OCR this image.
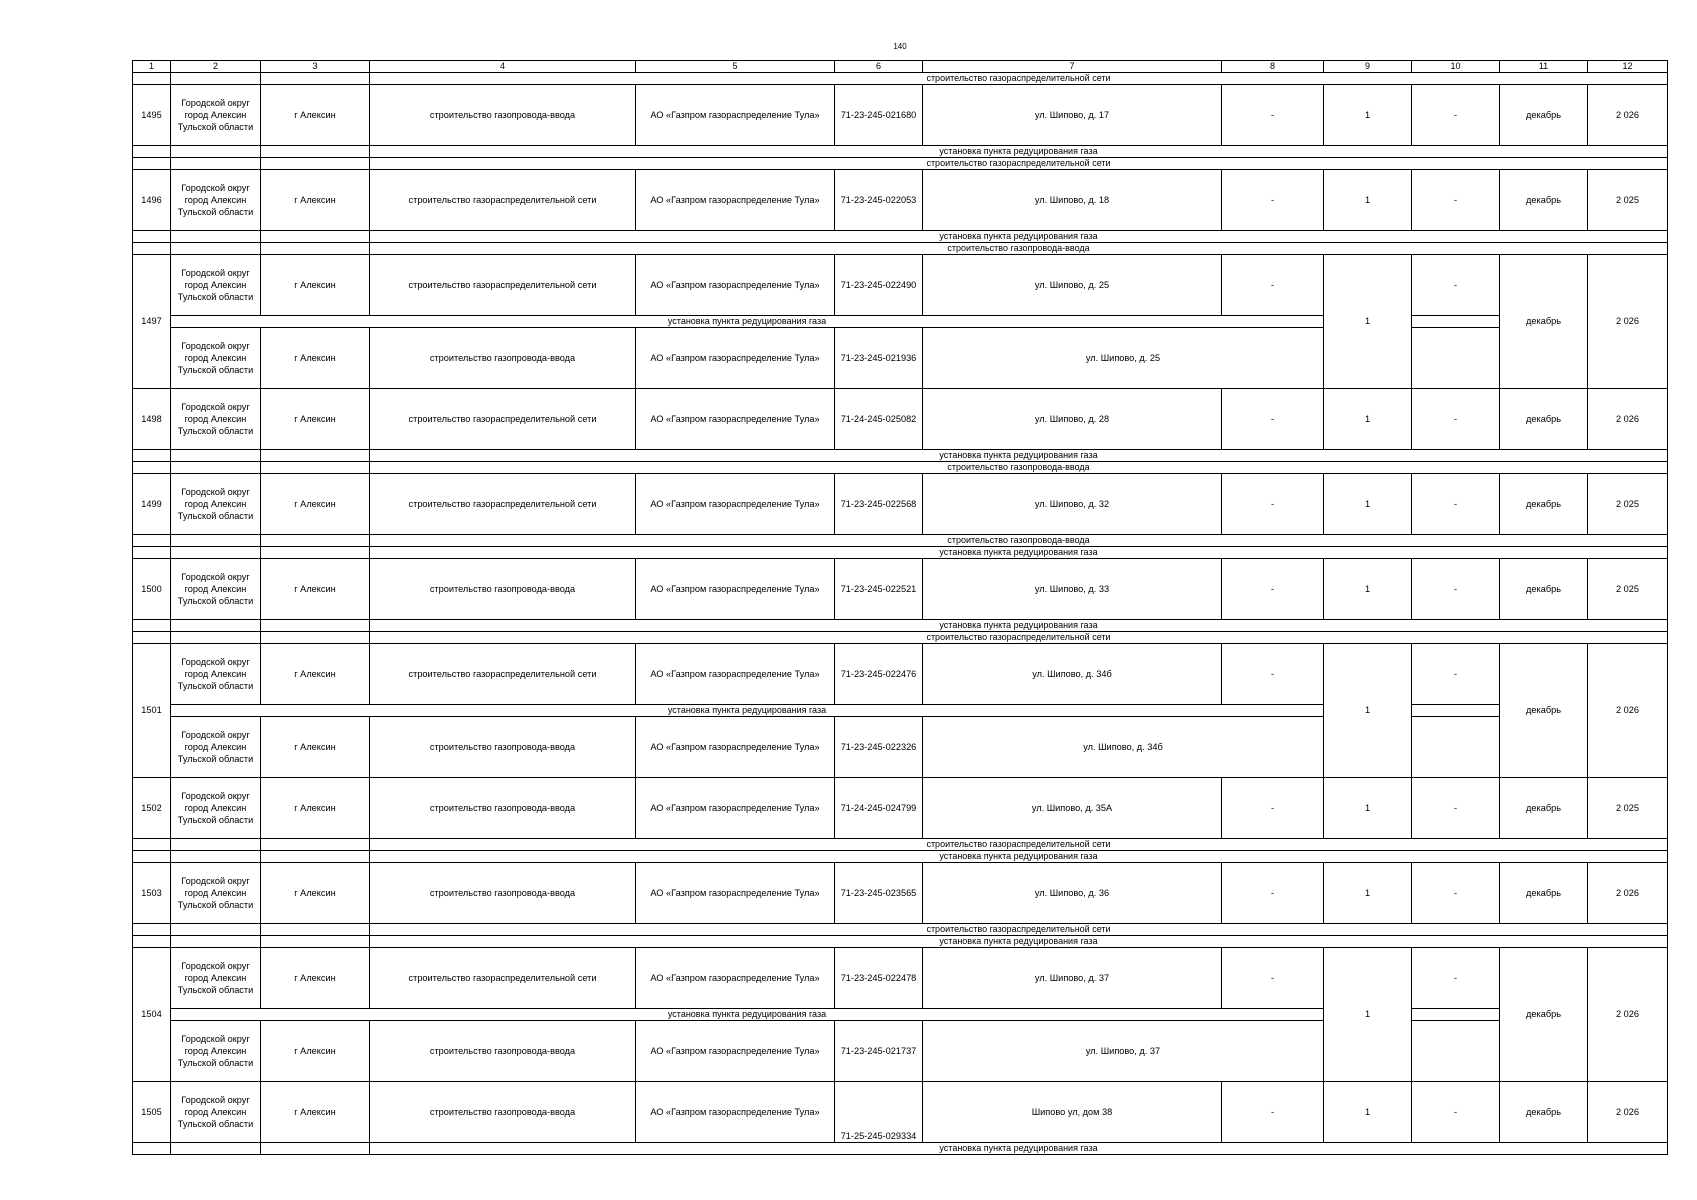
140
1	2	3	4	5	6	7	8	9	10	11	12
			строительство газораспределительной сети								
1495	Городской округ город Алексин Тульской области	г Алексин	строительство газопровода-ввода	АО «Газпром газораспределение Тула»	71-23-245-021680	ул. Шипово, д. 17	-	1	-	декабрь	2 026
			установка пункта редуцирования газа								
			строительство газораспределительной сети								
1496	Городской округ город Алексин Тульской области	г Алексин	строительство газораспределительной сети	АО «Газпром газораспределение Тула»	71-23-245-022053	ул. Шипово, д. 18	-	1	-	декабрь	2 025
			установка пункта редуцирования газа								
			строительство газопровода-ввода								
1497	Городской округ город Алексин Тульской области	г Алексин	строительство газораспределительной сети	АО «Газпром газораспределение Тула»	71-23-245-022490	ул. Шипово, д. 25	-	1	-	декабрь	2 026
	установка пункта редуцирования газа										
	Городской округ город Алексин Тульской области	г Алексин	строительство газопровода-ввода	АО «Газпром газораспределение Тула»	71-23-245-021936	ул. Шипово, д. 25					
1498	Городской округ город Алексин Тульской области	г Алексин	строительство газораспределительной сети	АО «Газпром газораспределение Тула»	71-24-245-025082	ул. Шипово, д. 28	-	1	-	декабрь	2 026
			установка пункта редуцирования газа								
			строительство газопровода-ввода								
1499	Городской округ город Алексин Тульской области	г Алексин	строительство газораспределительной сети	АО «Газпром газораспределение Тула»	71-23-245-022568	ул. Шипово, д. 32	-	1	-	декабрь	2 025
			строительство газопровода-ввода								
			установка пункта редуцирования газа								
1500	Городской округ город Алексин Тульской области	г Алексин	строительство газопровода-ввода	АО «Газпром газораспределение Тула»	71-23-245-022521	ул. Шипово, д. 33	-	1	-	декабрь	2 025
			установка пункта редуцирования газа								
			строительство газораспределительной сети								
1501	Городской округ город Алексин Тульской области	г Алексин	строительство газораспределительной сети	АО «Газпром газораспределение Тула»	71-23-245-022476	ул. Шипово, д. 34б	-	1	-	декабрь	2 026
	установка пункта редуцирования газа										
	Городской округ город Алексин Тульской области	г Алексин	строительство газопровода-ввода	АО «Газпром газораспределение Тула»	71-23-245-022326	ул. Шипово, д. 34б					
1502	Городской округ город Алексин Тульской области	г Алексин	строительство газопровода-ввода	АО «Газпром газораспределение Тула»	71-24-245-024799	ул. Шипово, д. 35А	-	1	-	декабрь	2 025
			строительство газораспределительной сети								
			установка пункта редуцирования газа								
1503	Городской округ город Алексин Тульской области	г Алексин	строительство газопровода-ввода	АО «Газпром газораспределение Тула»	71-23-245-023565	ул. Шипово, д. 36	-	1	-	декабрь	2 026
			строительство газораспределительной сети								
			установка пункта редуцирования газа								
1504	Городской округ город Алексин Тульской области	г Алексин	строительство газораспределительной сети	АО «Газпром газораспределение Тула»	71-23-245-022478	ул. Шипово, д. 37	-	1	-	декабрь	2 026
	установка пункта редуцирования газа										
	Городской округ город Алексин Тульской области	г Алексин	строительство газопровода-ввода	АО «Газпром газораспределение Тула»	71-23-245-021737	ул. Шипово, д. 37					
1505	Городской округ город Алексин Тульской области	г Алексин	строительство газопровода-ввода	АО «Газпром газораспределение Тула»	71-25-245-029334	Шипово ул, дом 38	-	1	-	декабрь	2 026
			установка пункта редуцирования газа								
